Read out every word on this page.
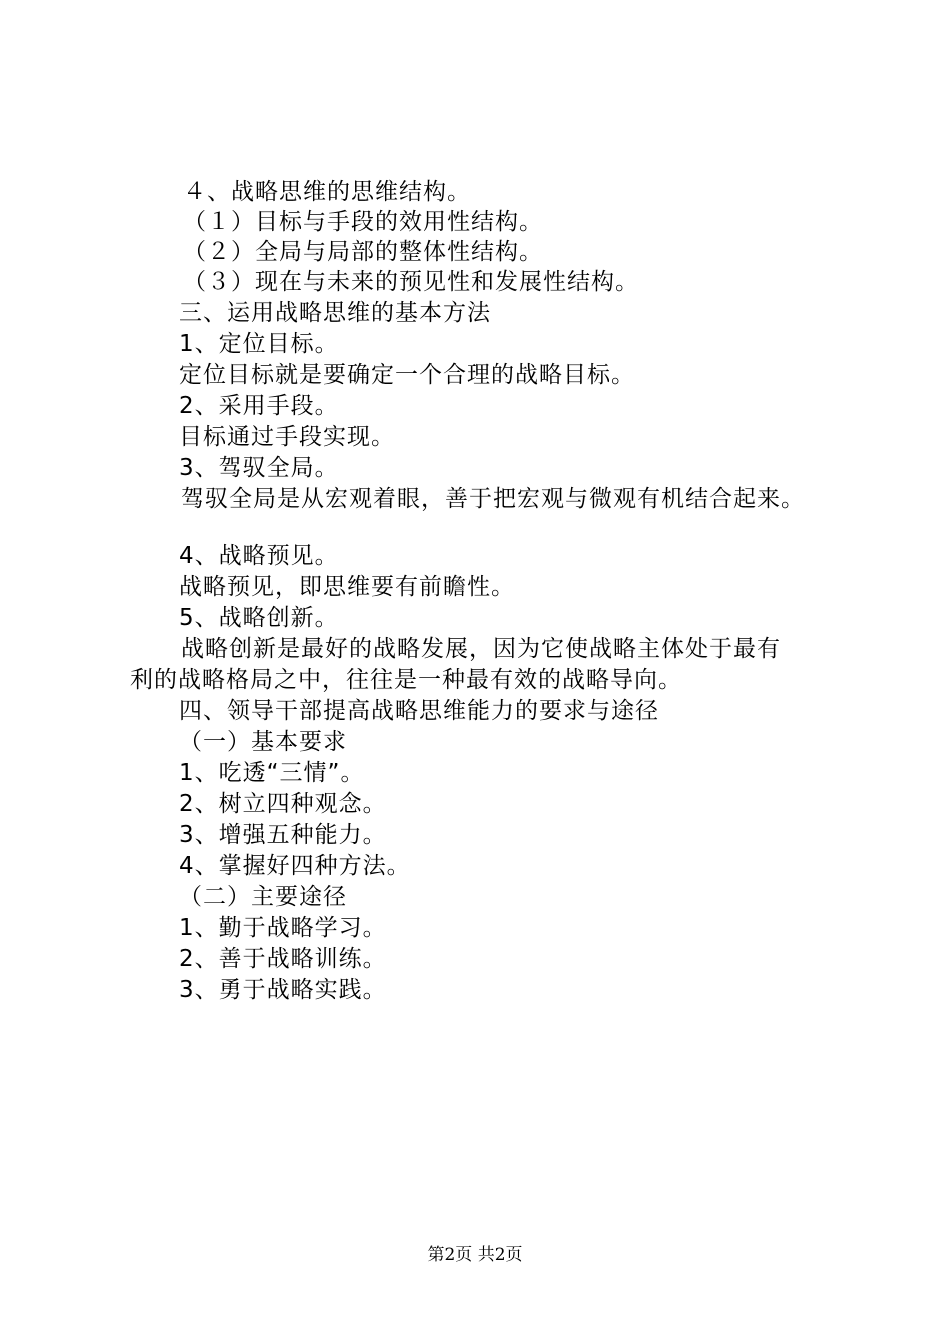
４、战略思维的思维结构。
（１）目标与手段的效用性结构。
（２）全局与局部的整体性结构。
（３）现在与未来的预见性和发展性结构。
三、运用战略思维的基本方法
1、定位目标。
定位目标就是要确定一个合理的战略目标。
2、采用手段。
目标通过手段实现。
3、驾驭全局。
驾驭全局是从宏观着眼，善于把宏观与微观有机结合起来。
4、战略预见。
战略预见，即思维要有前瞻性。
5、战略创新。
战略创新是最好的战略发展，因为它使战略主体处于最有
利的战略格局之中，往往是一种最有效的战略导向。
四、领导干部提高战略思维能力的要求与途径
（一）基本要求
1、吃透“三情”。
2、树立四种观念。
3、增强五种能力。
4、掌握好四种方法。
（二）主要途径
1、勤于战略学习。
2、善于战略训练。
3、勇于战略实践。
第2页 共2页
